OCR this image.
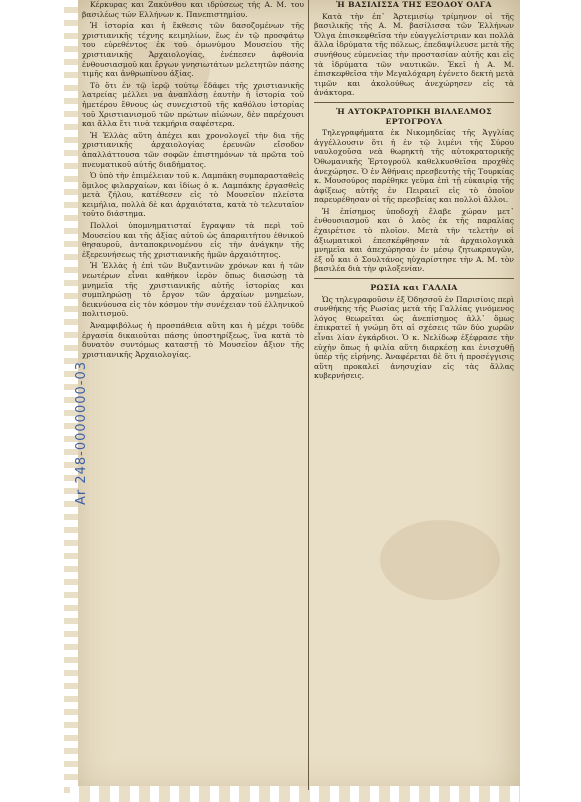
Ar 248-0000000-03

Κέρκυρας και Ζακύνθου και ιδρύσεως τής Α. Μ. του βασιλέως τών Ελλήνων κ. Πανεπιστημίου.

Ἡ ἱστορία και ἡ ἔκθεσις τῶν δασοζομένων τῆς χριστιανικῆς τέχνης κειμηλίων, ἔως ἐν τῷ προσφάτῳ του εὑρεθέντος ἐκ τοῦ ὁμωνύμου Μουσείου τῆς χριστιανικῆς Ἀρχαιολογίας, ἐνέπεσεν ἀφθονία ἐνθουσιασμοῦ και ἔργων γνησιωτάτων μελετητῶν πάσης τιμῆς και ἀνθρωπίνου ἀξίας.

Τὸ ὅτι ἐν τῷ ἱερῷ τούτῳ ἔδάφει τῆς χριστιανικῆς λατρείας μέλλει να ἀναπλάσῃ ἑαυτὴν ἡ ἱστορία τοῦ ἡμετέρου ἔθνους ὡς συνεχιστοῦ τῆς καθόλου ἱστορίας τοῦ Χριστιανισμοῦ τῶν πρώτων αἰώνων, δὲν παρέχουσι και ἄλλα ἔτι τινὰ τεκμήρια σαφέστερα.

Ἡ Ἑλλὰς αὕτη ἀπέχει και χρονολογεῖ τὴν δια τῆς χριστιανικῆς ἀρχαιολογίας ἐρευνῶν εἴσοδον ἀπαλλάττουσα τῶν σοφῶν ἐπιστημόνων τὰ πρῶτα τοῦ πνευματικοῦ αὐτῆς διαδήματος.

Ὁ ὑπὸ τὴν ἐπιμέλειαν τοῦ κ. Λαμπάκη συμπαρασταθεὶς ὅμιλος φιλαρχαίων, και ἰδίως ὁ κ. Λαμπάκης ἐργασθεὶς μετὰ ζήλου, κατέθεσεν εἰς τὸ Μουσεῖον πλείστα κειμήλια, πολλὰ δὲ και ἀρχαιότατα, κατὰ τὸ τελευταῖον τοῦτο διάστημα.

Πολλοὶ ὑπομνηματισταί ἔγραψαν τὰ περὶ τοῦ Μουσείου και τῆς ἀξίας αὐτοῦ ὡς ἀπαραιτήτου ἐθνικοῦ θησαυροῦ, ἀνταποκρινομένου εἰς τὴν ἀνάγκην τῆς ἐξερευνήσεως τῆς χριστιανικῆς ἡμῶν ἀρχαιότητος.

Ἡ Ἑλλὰς ἡ ἐπὶ τῶν Βυζαντινῶν χρόνων και ἡ τῶν νεωτέρων εἶναι καθήκον ἱερὸν ὅπως διασώσῃ τὰ μνημεῖα τῆς χριστιανικῆς αὐτῆς ἱστορίας και συμπληρώσῃ τὸ ἔργον τῶν ἀρχαίων μνημείων, δεικνύουσα εἰς τὸν κόσμον τὴν συνέχειαν τοῦ ἑλληνικοῦ πολιτισμοῦ.

Ἀναμφιβόλως ἡ προσπάθεια αὕτη και ἡ μέχρι τοῦδε ἐργασία δικαιοῦται πάσης ὑποστηρίξεως, ἵνα κατὰ τὸ δυνατὸν συντόμως καταστῇ τὸ Μουσεῖον ἄξιον τῆς χριστιανικῆς Ἀρχαιολογίας.

Ἡ ΒΑΣΙΛΙΣΣΑ ΤΗΣ ΕΞΟΔΟΥ ΟΛΓΑ

Κατὰ τὴν ἐπ᾿ Ἀρτεμισίῳ τρίμηνον οἱ τῆς βασιλικῆς τῆς Α. Μ. βασίλισσα τῶν Ἑλλήνων Ὄλγα ἐπισκεφθεῖσα τὴν εὐαγγελίστριαν και πολλὰ ἄλλα ἱδρύματα τῆς πόλεως, ἐπεδαψίλευσε μετὰ τῆς συνήθους εὐμενείας τὴν προστασίαν αὐτῆς και εἰς τὰ ἱδρύματα τῶν ναυτικῶν. Ἐκεῖ ἡ Α. Μ. ἐπισκεφθεῖσα τὴν Μεγαλόχαρη ἐγένετο δεκτὴ μετὰ τιμῶν και ἀκολούθως ἀνεχώρησεν εἰς τὰ ἀνάκτορα.

Ἡ ΑΥΤΟΚΡΑΤΟΡΙΚΗ ΒΙΛΛΕΛΜΟΣ ΕΡΤΟΓΡΟΥΛ

Τηλεγραφήματα ἐκ Νικομηδείας τῆς Ἀγγλίας ἀγγέλλουσιν ὅτι ἡ ἐν τῷ λιμένι τῆς Σύρου ναυλοχοῦσα νεὰ θωρηκτὴ τῆς αὐτοκρατορικῆς Ὀθωμανικῆς Ἐρτογρούλ καθελκυσθεῖσα προχθὲς ἀνεχώρησε. Ὁ ἐν Ἀθήναις πρεσβευτὴς τῆς Τουρκίας κ. Μουσούρος παρέθηκε γεῦμα ἐπὶ τῇ εὐκαιρίᾳ τῆς ἀφίξεως αὐτῆς ἐν Πειραιεῖ εἰς τὸ ὁποῖον παρευρέθησαν οἱ τῆς πρεσβείας και πολλοὶ ἄλλοι.

Ἡ ἐπίσημος ὑποδοχὴ ἔλαβε χώραν μετ᾿ ἐνθουσιασμοῦ και ὁ λαὸς ἐκ τῆς παραλίας ἐχαιρέτισε τὸ πλοῖον. Μετὰ τὴν τελετὴν οἱ ἀξιωματικοὶ ἐπεσκέφθησαν τὰ ἀρχαιολογικὰ μνημεῖα και ἀπεχώρησαν ἐν μέσῳ ζητωκραυγῶν, ἐξ οὗ και ὁ Σουλτάνος ηὐχαρίστησε τὴν Α. Μ. τὸν βασιλέα διὰ τὴν φιλοξενίαν.

ΡΩΣΙΑ και ΓΑΛΛΙΑ

Ὡς τηλεγραφοῦσιν ἐξ Ὀδησσοῦ ἐν Παρισίοις περὶ συνθήκης τῆς Ρωσίας μετὰ τῆς Γαλλίας γινόμενος λόγος θεωρεῖται ὡς ἀνεπίσημος ἀλλ᾿ ὅμως ἐπικρατεῖ ἡ γνώμη ὅτι αἱ σχέσεις τῶν δύο χωρῶν εἶναι λίαν ἐγκάρδιοι. Ὁ κ. Νελίδωφ ἐξέφρασε τὴν εὐχὴν ὅπως ἡ φιλία αὕτη διαρκέσῃ και ἐνισχυθῇ ὑπὲρ τῆς εἰρήνης. Ἀναφέρεται δὲ ὅτι ἡ προσέγγισις αὕτη προκαλεῖ ἀνησυχίαν εἰς τὰς ἄλλας κυβερνήσεις.
